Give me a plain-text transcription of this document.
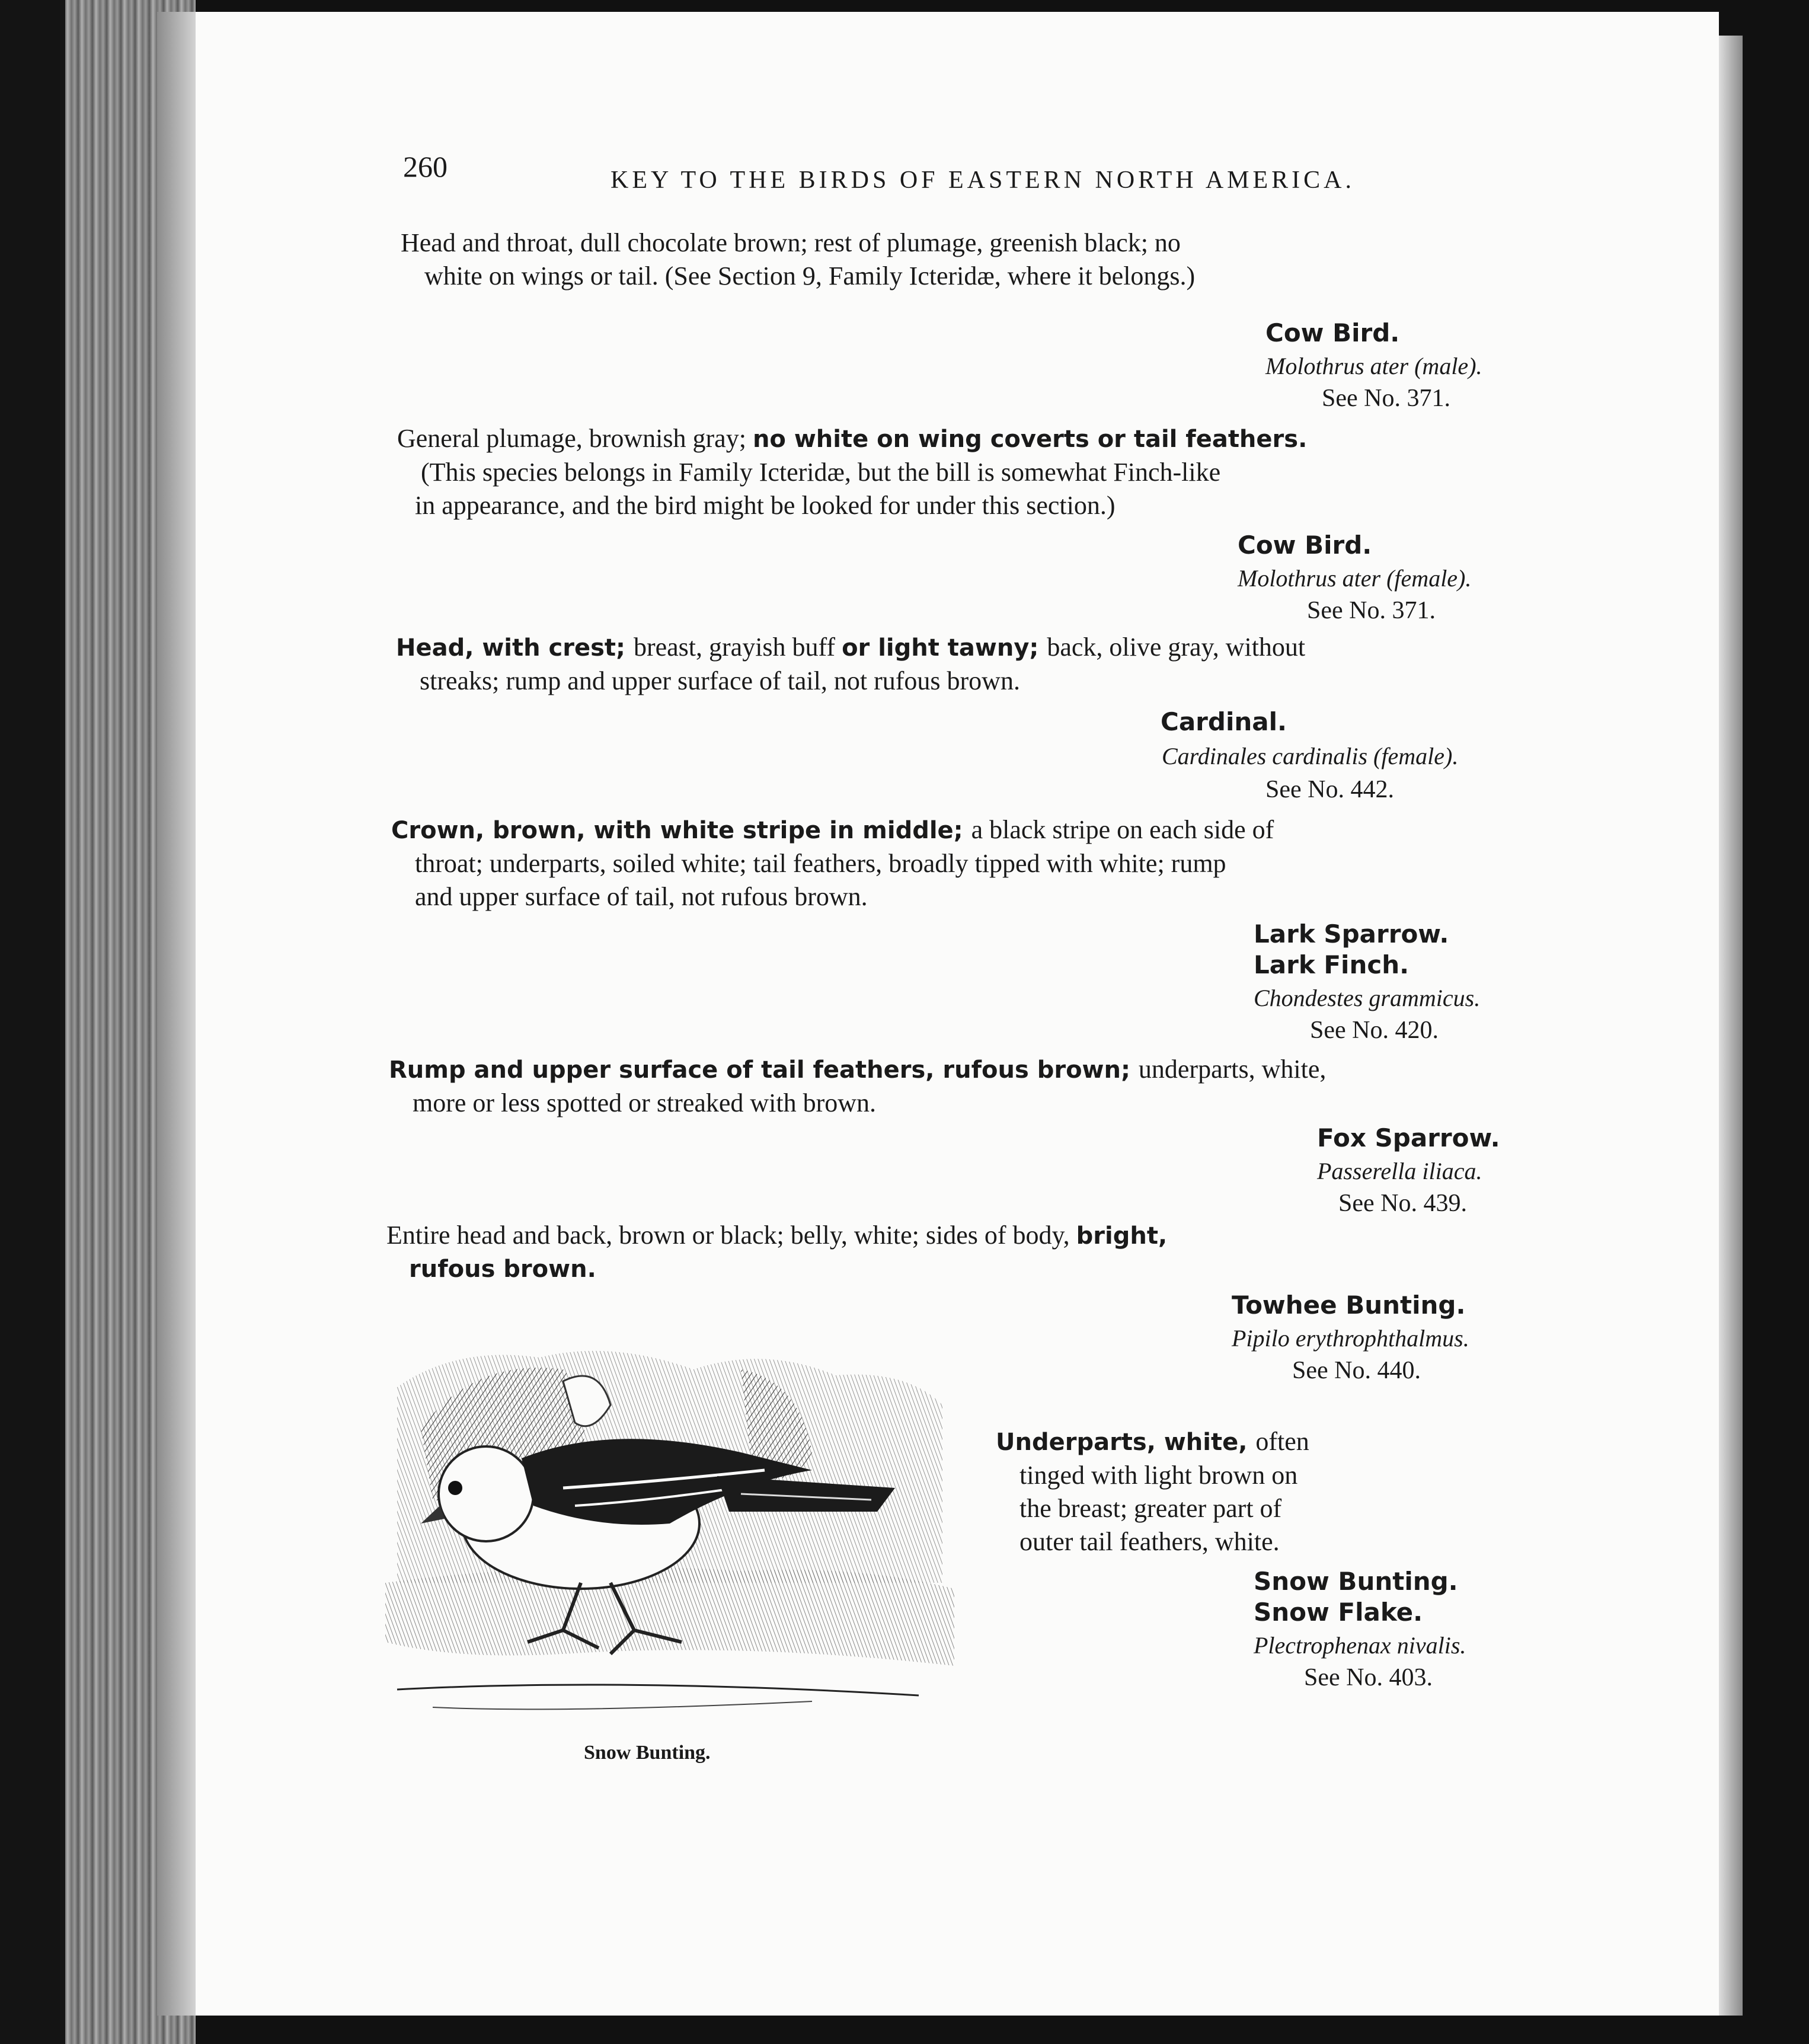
260	KEY TO THE BIRDS OF EASTERN NORTH AMERICA.
Head and throat, dull chocolate brown; rest of plumage, greenish black; no
white on wings or tail. (See Section 9, Family Icteridæ, where it belongs.)
Cow Bird.
Molothrus ater (male).
See No. 371.
General plumage, brownish gray; no white on wing coverts or tail feathers.
(This species belongs in Family Icteridæ, but the bill is somewhat Finch-like
in appearance, and the bird might be looked for under this section.)
Cow Bird.
Molothrus ater (female).
See No. 371.
Head, with crest; breast, grayish buff or light tawny; back, olive gray, without
streaks; rump and upper surface of tail, not rufous brown.
Cardinal.
Cardinales cardinalis (female).
See No. 442.
Crown, brown, with white stripe in middle; a black stripe on each side of
throat; underparts, soiled white; tail feathers, broadly tipped with white; rump
and upper surface of tail, not rufous brown.
Lark Sparrow.
Lark Finch.
Chondestes grammicus.
See No. 420.
Rump and upper surface of tail feathers, rufous brown; underparts, white,
more or less spotted or streaked with brown.
Fox Sparrow.
Passerella iliaca.
See No. 439.
Entire head and back, brown or black; belly, white; sides of body, bright,
rufous brown.
Towhee Bunting.
Pipilo erythrophthalmus.
See No. 440.
Underparts, white, often
tinged with light brown on
the breast; greater part of
outer tail feathers, white.
Snow Bunting.
Snow Flake.
Plectrophenax nivalis.
See No. 403.
Snow Bunting.
